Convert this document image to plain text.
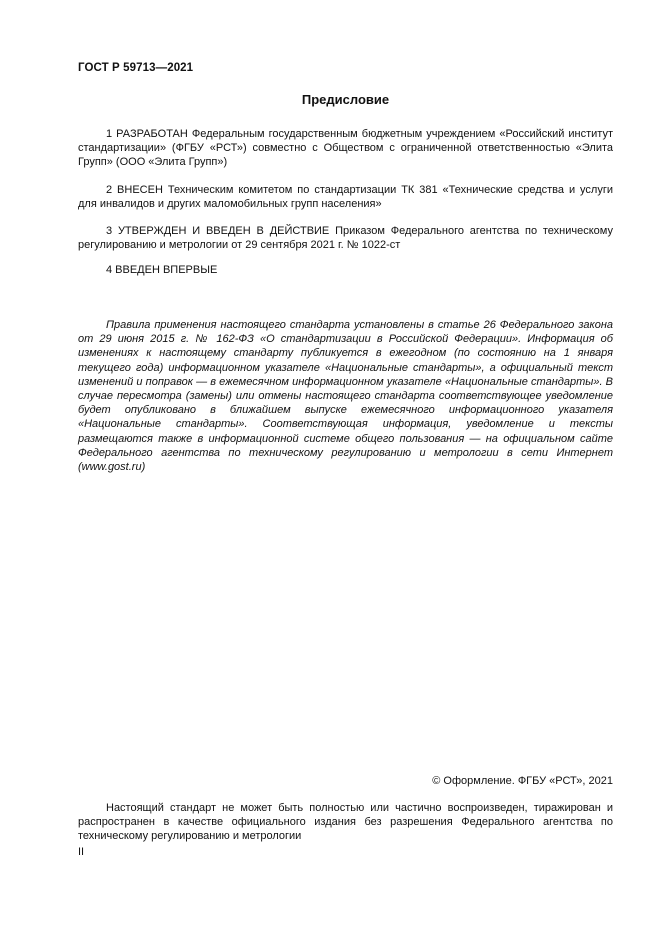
ГОСТ Р 59713—2021
Предисловие
1 РАЗРАБОТАН Федеральным государственным бюджетным учреждением «Российский институт стандартизации» (ФГБУ «РСТ») совместно с Обществом с ограниченной ответственностью «Элита Групп» (ООО «Элита Групп»)
2 ВНЕСЕН Техническим комитетом по стандартизации ТК 381 «Технические средства и услуги для инвалидов и других маломобильных групп населения»
3 УТВЕРЖДЕН И ВВЕДЕН В ДЕЙСТВИЕ Приказом Федерального агентства по техническому регулированию и метрологии от 29 сентября 2021 г. № 1022-ст
4 ВВЕДЕН ВПЕРВЫЕ
Правила применения настоящего стандарта установлены в статье 26 Федерального закона от 29 июня 2015 г. № 162-ФЗ «О стандартизации в Российской Федерации». Информация об изменениях к настоящему стандарту публикуется в ежегодном (по состоянию на 1 января текущего года) информационном указателе «Национальные стандарты», а официальный текст изменений и поправок — в ежемесячном информационном указателе «Национальные стандарты». В случае пересмотра (замены) или отмены настоящего стандарта соответствующее уведомление будет опубликовано в ближайшем выпуске ежемесячного информационного указателя «Национальные стандарты». Соответствующая информация, уведомление и тексты размещаются также в информационной системе общего пользования — на официальном сайте Федерального агентства по техническому регулированию и метрологии в сети Интернет (www.gost.ru)
© Оформление. ФГБУ «РСТ», 2021
Настоящий стандарт не может быть полностью или частично воспроизведен, тиражирован и распространен в качестве официального издания без разрешения Федерального агентства по техническому регулированию и метрологии
II
